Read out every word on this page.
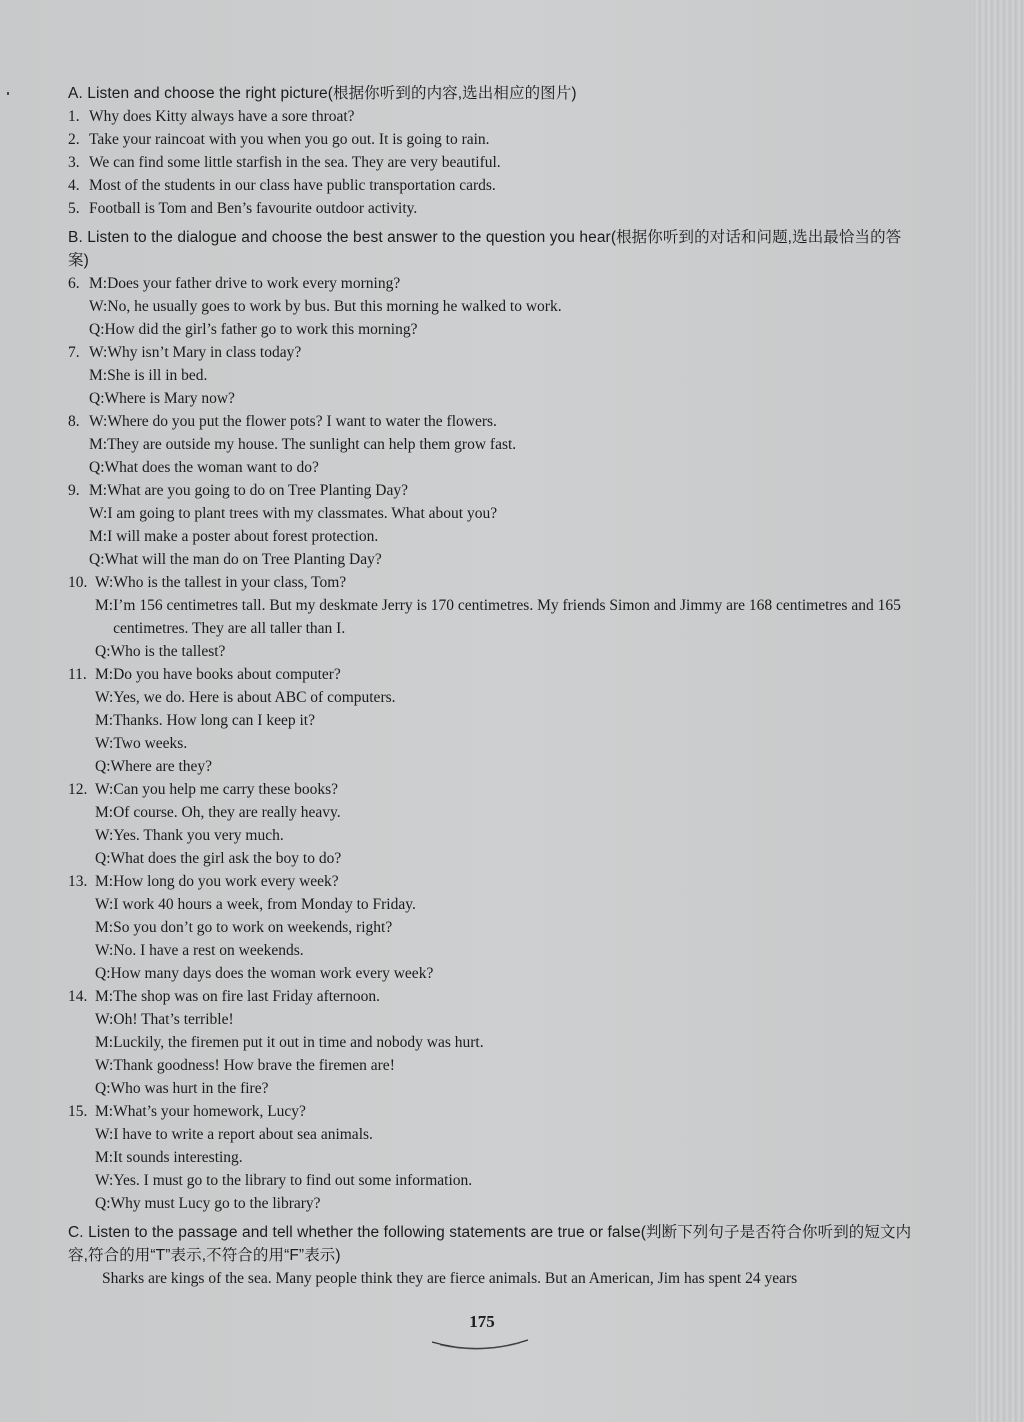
A. Listen and choose the right picture(根据你听到的内容,选出相应的图片)
1. Why does Kitty always have a sore throat?
2. Take your raincoat with you when you go out. It is going to rain.
3. We can find some little starfish in the sea. They are very beautiful.
4. Most of the students in our class have public transportation cards.
5. Football is Tom and Ben’s favourite outdoor activity.
B. Listen to the dialogue and choose the best answer to the question you hear(根据你听到的对话和问题,选出最恰当的答案)
6. M: Does your father drive to work every morning?
W: No, he usually goes to work by bus. But this morning he walked to work.
Q: How did the girl’s father go to work this morning?
7. W: Why isn’t Mary in class today?
M: She is ill in bed.
Q: Where is Mary now?
8. W: Where do you put the flower pots? I want to water the flowers.
M: They are outside my house. The sunlight can help them grow fast.
Q: What does the woman want to do?
9. M: What are you going to do on Tree Planting Day?
W: I am going to plant trees with my classmates. What about you?
M: I will make a poster about forest protection.
Q: What will the man do on Tree Planting Day?
10. W: Who is the tallest in your class, Tom?
M: I’m 156 centimetres tall. But my deskmate Jerry is 170 centimetres. My friends Simon and Jimmy are 168 centimetres and 165 centimetres. They are all taller than I.
Q: Who is the tallest?
11. M: Do you have books about computer?
W: Yes, we do. Here is about ABC of computers.
M: Thanks. How long can I keep it?
W: Two weeks.
Q: Where are they?
12. W: Can you help me carry these books?
M: Of course. Oh, they are really heavy.
W: Yes. Thank you very much.
Q: What does the girl ask the boy to do?
13. M: How long do you work every week?
W: I work 40 hours a week, from Monday to Friday.
M: So you don’t go to work on weekends, right?
W: No. I have a rest on weekends.
Q: How many days does the woman work every week?
14. M: The shop was on fire last Friday afternoon.
W: Oh! That’s terrible!
M: Luckily, the firemen put it out in time and nobody was hurt.
W: Thank goodness! How brave the firemen are!
Q: Who was hurt in the fire?
15. M: What’s your homework, Lucy?
W: I have to write a report about sea animals.
M: It sounds interesting.
W: Yes. I must go to the library to find out some information.
Q: Why must Lucy go to the library?
C. Listen to the passage and tell whether the following statements are true or false(判断下列句子是否符合你听到的短文内容,符合的用“T”表示,不符合的用“F”表示)
Sharks are kings of the sea. Many people think they are fierce animals. But an American, Jim has spent 24 years
175
